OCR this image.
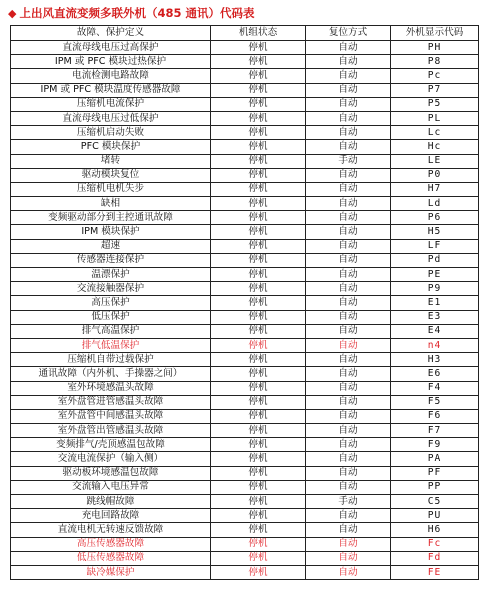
◆ 上出风直流变频多联外机（485 通讯）代码表
故障、保护定义	机组状态	复位方式	外机显示代码
直流母线电压过高保护	停机	自动	PH
IPM 或 PFC 模块过热保护	停机	自动	P8
电流检测电路故障	停机	自动	Pc
IPM 或 PFC 模块温度传感器故障	停机	自动	P7
压缩机电流保护	停机	自动	P5
直流母线电压过低保护	停机	自动	PL
压缩机启动失败	停机	自动	Lc
PFC 模块保护	停机	自动	Hc
堵转	停机	手动	LE
驱动模块复位	停机	自动	P0
压缩机电机失步	停机	自动	H7
缺相	停机	自动	Ld
变频驱动部分到主控通讯故障	停机	自动	P6
IPM 模块保护	停机	自动	H5
超速	停机	自动	LF
传感器连接保护	停机	自动	Pd
温漂保护	停机	自动	PE
交流接触器保护	停机	自动	P9
高压保护	停机	自动	E1
低压保护	停机	自动	E3
排气高温保护	停机	自动	E4
排气低温保护	停机	自动	n4
压缩机自带过载保护	停机	自动	H3
通讯故障（内外机、手操器之间）	停机	自动	E6
室外环境感温头故障	停机	自动	F4
室外盘管进管感温头故障	停机	自动	F5
室外盘管中间感温头故障	停机	自动	F6
室外盘管出管感温头故障	停机	自动	F7
变频排气/壳顶感温包故障	停机	自动	F9
交流电流保护（输入侧）	停机	自动	PA
驱动板环境感温包故障	停机	自动	PF
交流输入电压异常	停机	自动	PP
跳线帽故障	停机	手动	C5
充电回路故障	停机	自动	PU
直流电机无转速反馈故障	停机	自动	H6
高压传感器故障	停机	自动	Fc
低压传感器故障	停机	自动	Fd
缺冷媒保护	停机	自动	FE
